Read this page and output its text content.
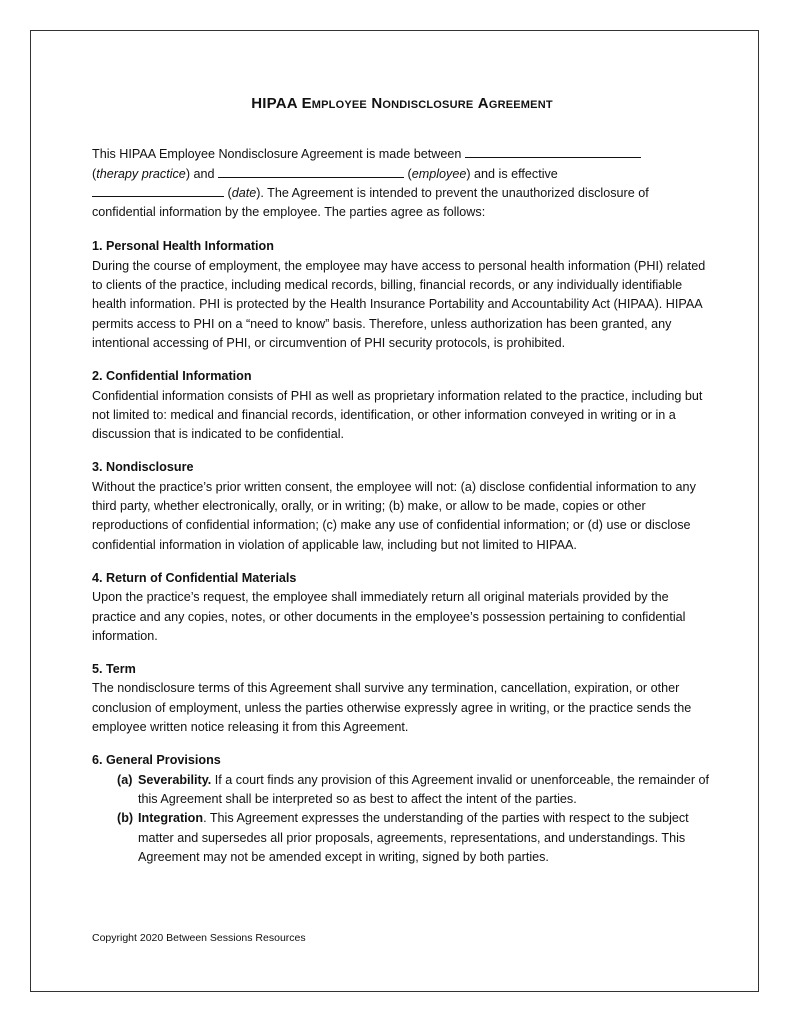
HIPAA Employee Nondisclosure Agreement

This HIPAA Employee Nondisclosure Agreement is made between
(therapy practice) and	(employee) and is effective
(date). The Agreement is intended to prevent the unauthorized disclosure of confidential information by the employee. The parties agree as follows:

1. Personal Health Information

During the course of employment, the employee may have access to personal health information (PHI) related to clients of the practice, including medical records, billing, financial records, or any individually identifiable health information. PHI is protected by the Health Insurance Portability and Accountability Act (HIPAA). HIPAA permits access to PHI on a “need to know” basis. Therefore, unless authorization has been granted, any intentional accessing of PHI, or circumvention of PHI security protocols, is prohibited.

2. Confidential Information

Confidential information consists of PHI as well as proprietary information related to the practice, including but not limited to: medical and financial records, identification, or other information conveyed in writing or in a discussion that is indicated to be confidential.

3. Nondisclosure

Without the practice’s prior written consent, the employee will not: (a) disclose confidential information to any third party, whether electronically, orally, or in writing; (b) make, or allow to be made, copies or other reproductions of confidential information; (c) make any use of confidential information; or (d) use or disclose confidential information in violation of applicable law, including but not limited to HIPAA.

4. Return of Confidential Materials

Upon the practice’s request, the employee shall immediately return all original materials provided by the practice and any copies, notes, or other documents in the employee’s possession pertaining to confidential information.

5. Term

The nondisclosure terms of this Agreement shall survive any termination, cancellation, expiration, or other conclusion of employment, unless the parties otherwise expressly agree in writing, or the practice sends the employee written notice releasing it from this Agreement.

6. General Provisions

(a) Severability. If a court finds any provision of this Agreement invalid or unenforceable, the remainder of this Agreement shall be interpreted so as best to affect the intent of the parties.
(b) Integration. This Agreement expresses the understanding of the parties with respect to the subject matter and supersedes all prior proposals, agreements, representations, and understandings. This Agreement may not be amended except in writing, signed by both parties.
Copyright 2020 Between Sessions Resources
